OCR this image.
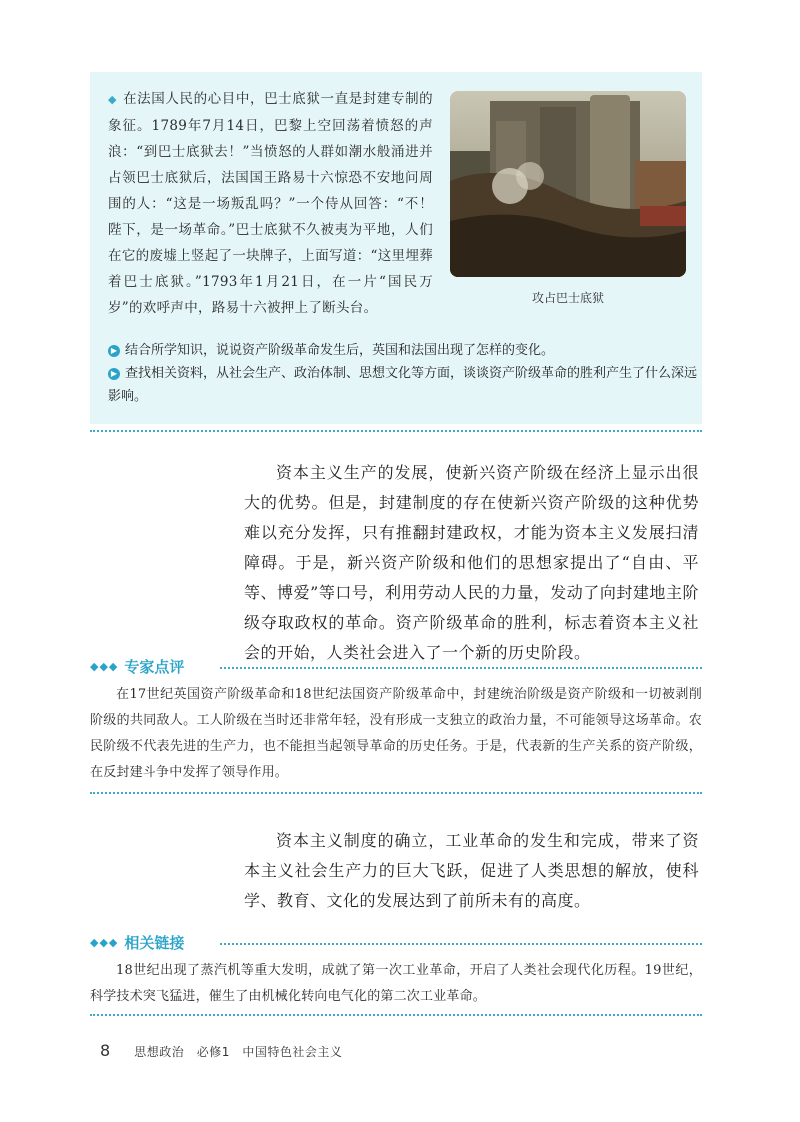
◆ 在法国人民的心目中，巴士底狱一直是封建专制的象征。1789年7月14日，巴黎上空回荡着愤怒的声浪：“到巴士底狱去！”当愤怒的人群如潮水般涌进并占领巴士底狱后，法国国王路易十六惊恐不安地问周围的人：“这是一场叛乱吗？”一个侍从回答：“不！陛下，是一场革命。”巴士底狱不久被夷为平地，人们在它的废墟上竖起了一块牌子，上面写道：“这里埋葬着巴士底狱。”1793年1月21日，在一片“国民万岁”的欢呼声中，路易十六被押上了断头台。
攻占巴士底狱
▶ 结合所学知识，说说资产阶级革命发生后，英国和法国出现了怎样的变化。
▶ 查找相关资料，从社会生产、政治体制、思想文化等方面，谈谈资产阶级革命的胜利产生了什么深远影响。
资本主义生产的发展，使新兴资产阶级在经济上显示出很大的优势。但是，封建制度的存在使新兴资产阶级的这种优势难以充分发挥，只有推翻封建政权，才能为资本主义发展扫清障碍。于是，新兴资产阶级和他们的思想家提出了“自由、平等、博爱”等口号，利用劳动人民的力量，发动了向封建地主阶级夺取政权的革命。资产阶级革命的胜利，标志着资本主义社会的开始，人类社会进入了一个新的历史阶段。
◆◆◆ 专家点评
在17世纪英国资产阶级革命和18世纪法国资产阶级革命中，封建统治阶级是资产阶级和一切被剥削阶级的共同敌人。工人阶级在当时还非常年轻，没有形成一支独立的政治力量，不可能领导这场革命。农民阶级不代表先进的生产力，也不能担当起领导革命的历史任务。于是，代表新的生产关系的资产阶级，在反封建斗争中发挥了领导作用。
资本主义制度的确立，工业革命的发生和完成，带来了资本主义社会生产力的巨大飞跃，促进了人类思想的解放，使科学、教育、文化的发展达到了前所未有的高度。
◆◆◆ 相关链接
18世纪出现了蒸汽机等重大发明，成就了第一次工业革命，开启了人类社会现代化历程。19世纪，科学技术突飞猛进，催生了由机械化转向电气化的第二次工业革命。
8 思想政治　必修1　中国特色社会主义
